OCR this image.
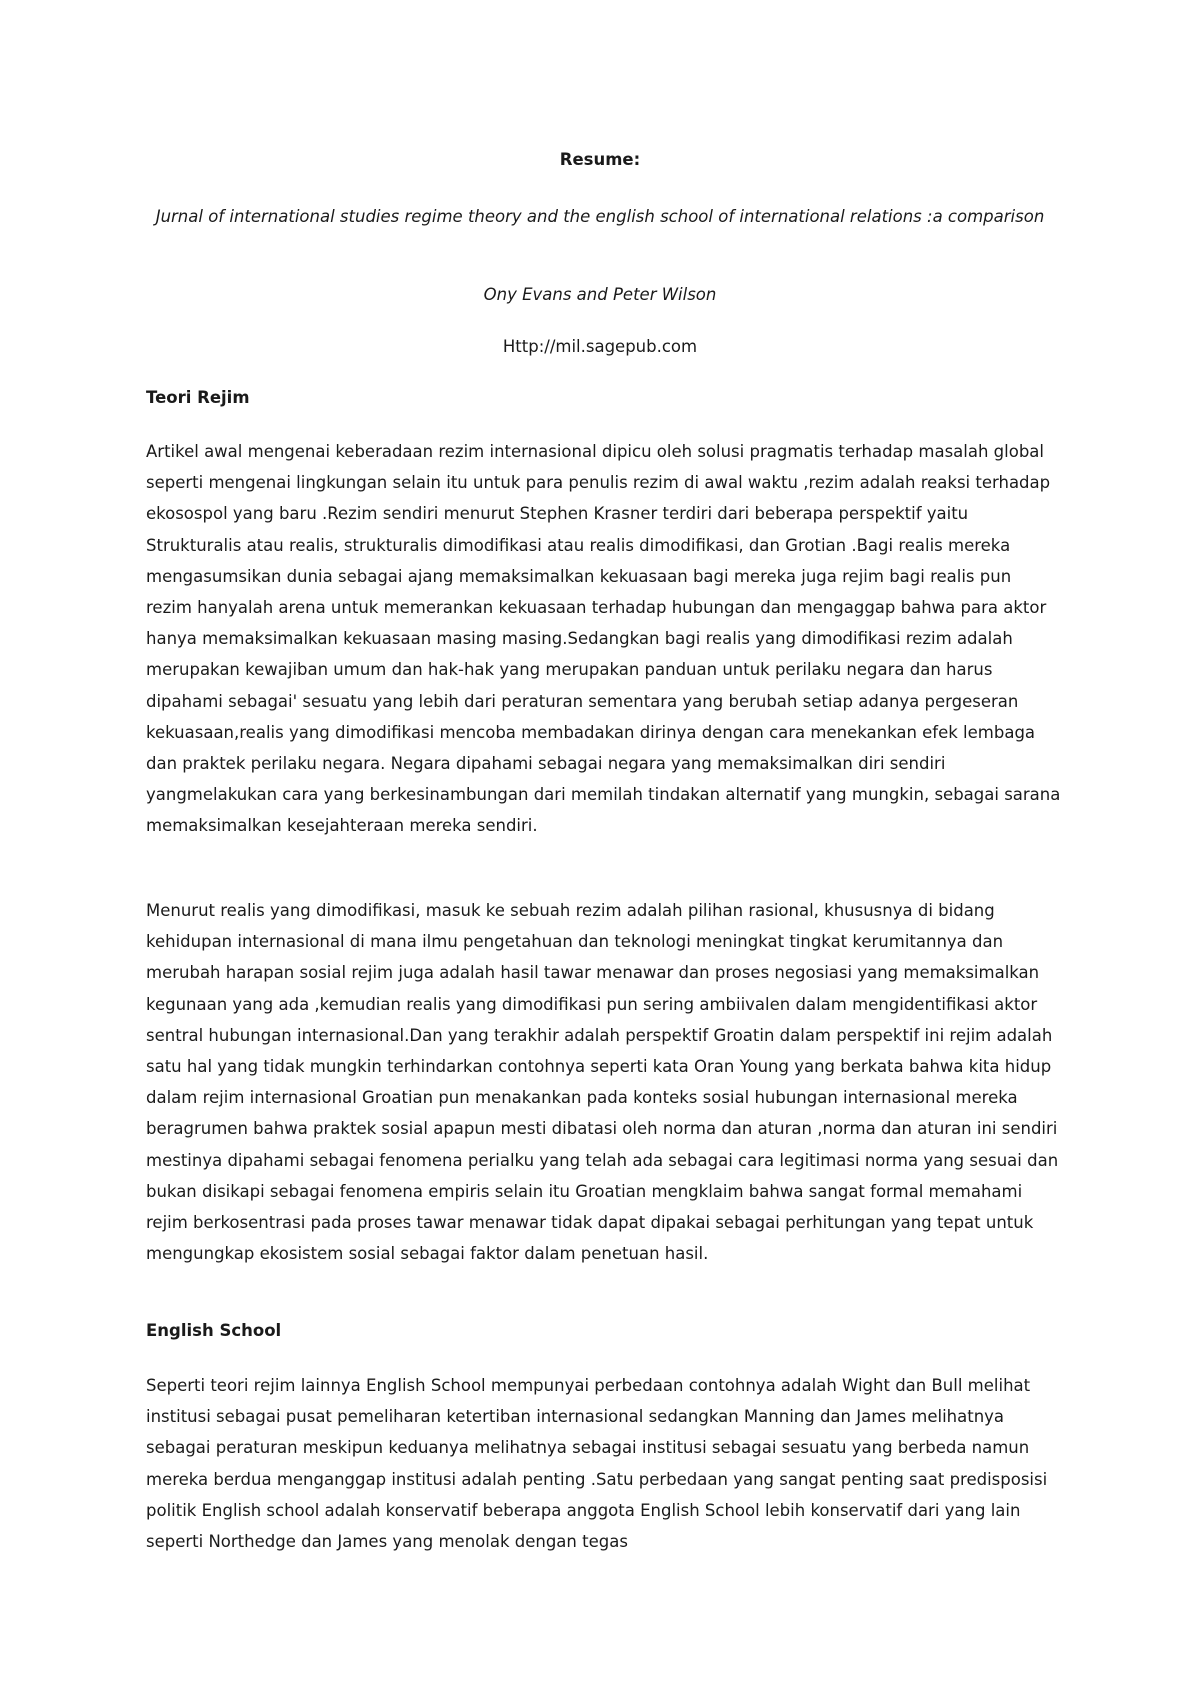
Resume:
Jurnal of international studies regime theory and the english school of international relations :a comparison
Ony Evans and Peter Wilson
Http://mil.sagepub.com
Teori Rejim

Artikel awal mengenai keberadaan rezim internasional dipicu oleh solusi pragmatis terhadap masalah global seperti mengenai lingkungan selain itu untuk para penulis rezim di awal waktu ,rezim adalah reaksi terhadap ekosospol yang baru .Rezim sendiri menurut Stephen Krasner terdiri dari beberapa perspektif yaitu Strukturalis atau realis, strukturalis dimodifikasi atau realis dimodifikasi, dan Grotian .Bagi realis mereka mengasumsikan dunia sebagai ajang memaksimalkan kekuasaan bagi mereka juga rejim bagi realis pun rezim hanyalah arena untuk memerankan kekuasaan terhadap hubungan dan mengaggap bahwa para aktor hanya memaksimalkan kekuasaan masing masing.Sedangkan bagi realis yang dimodifikasi rezim adalah merupakan kewajiban umum dan hak-hak yang merupakan panduan untuk perilaku negara dan harus dipahami sebagai' sesuatu yang lebih dari peraturan sementara yang berubah setiap adanya pergeseran kekuasaan,realis yang dimodifikasi mencoba membadakan dirinya dengan cara menekankan efek lembaga dan praktek perilaku negara. Negara dipahami sebagai negara yang memaksimalkan diri sendiri yangmelakukan cara yang berkesinambungan dari memilah tindakan alternatif yang mungkin, sebagai sarana memaksimalkan kesejahteraan mereka sendiri.

Menurut realis yang dimodifikasi, masuk ke sebuah rezim adalah pilihan rasional, khususnya di bidang kehidupan internasional di mana ilmu pengetahuan dan teknologi meningkat tingkat kerumitannya dan merubah harapan sosial rejim juga adalah hasil tawar menawar dan proses negosiasi yang memaksimalkan kegunaan yang ada ,kemudian realis yang dimodifikasi pun sering ambiivalen dalam mengidentifikasi aktor sentral hubungan internasional.Dan yang terakhir adalah perspektif Groatin dalam perspektif ini rejim adalah satu hal yang tidak mungkin terhindarkan contohnya seperti kata Oran Young yang berkata bahwa kita hidup dalam rejim internasional Groatian pun menakankan pada konteks sosial hubungan internasional mereka beragrumen bahwa praktek sosial apapun mesti dibatasi oleh norma dan aturan ,norma dan aturan ini sendiri mestinya dipahami sebagai fenomena perialku yang telah ada sebagai cara legitimasi norma yang sesuai dan bukan disikapi sebagai fenomena empiris selain itu Groatian mengklaim bahwa sangat formal memahami rejim berkosentrasi pada proses tawar menawar tidak dapat dipakai sebagai perhitungan yang tepat untuk mengungkap ekosistem sosial sebagai faktor dalam penetuan hasil.

English School

Seperti teori rejim lainnya English School mempunyai perbedaan contohnya adalah Wight dan Bull melihat institusi sebagai pusat pemeliharan ketertiban internasional sedangkan Manning dan James melihatnya sebagai peraturan meskipun keduanya melihatnya sebagai institusi sebagai sesuatu yang berbeda namun mereka berdua menganggap institusi adalah penting .Satu perbedaan yang sangat penting saat predisposisi politik English school adalah konservatif beberapa anggota English School lebih konservatif dari yang lain seperti Northedge dan James yang menolak dengan tegas
